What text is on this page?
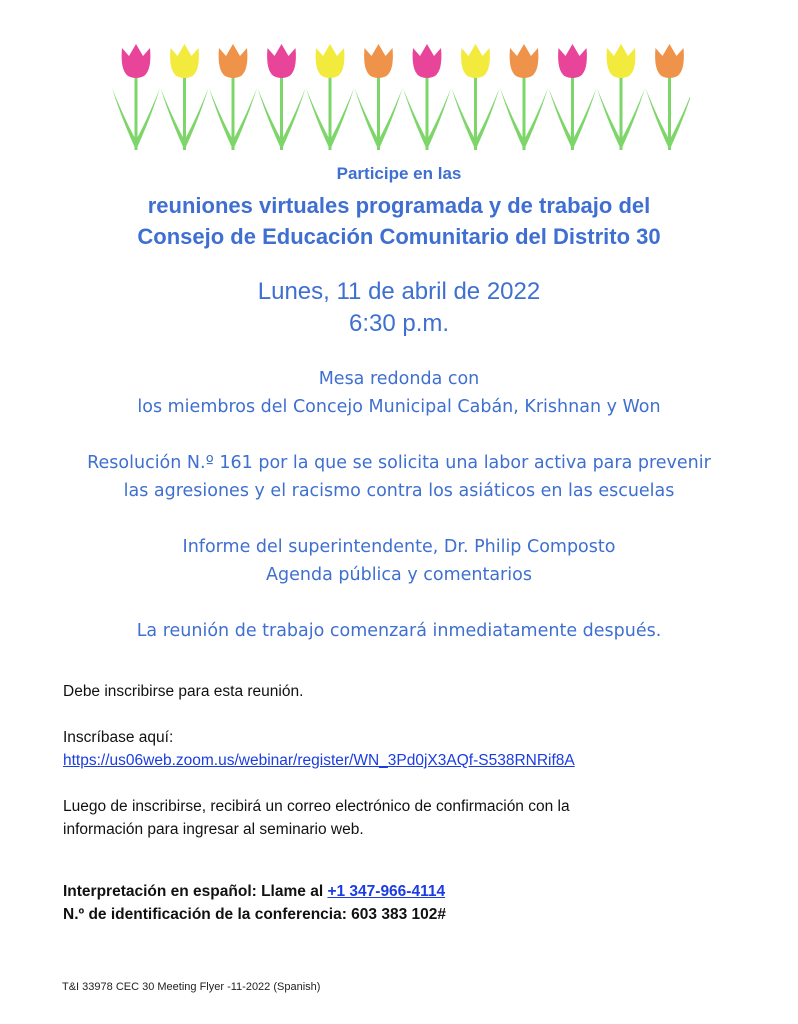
Participe en las
reuniones virtuales programada y de trabajo del
Consejo de Educación Comunitario del Distrito 30
Lunes, 11 de abril de 2022
6:30 p.m.
Mesa redonda con
los miembros del Concejo Municipal Cabán, Krishnan y Won
Resolución N.º 161 por la que se solicita una labor activa para prevenir
las agresiones y el racismo contra los asiáticos en las escuelas
Informe del superintendente, Dr. Philip Composto
Agenda pública y comentarios
La reunión de trabajo comenzará inmediatamente después.
Debe inscribirse para esta reunión.
Inscríbase aquí:
https://us06web.zoom.us/webinar/register/WN_3Pd0jX3AQf-S538RNRif8A
Luego de inscribirse, recibirá un correo electrónico de confirmación con la
información para ingresar al seminario web.
Interpretación en español: Llame al +1 347-966-4114
N.º de identificación de la conferencia: 603 383 102#
T&I 33978 CEC 30 Meeting Flyer -11-2022 (Spanish)
